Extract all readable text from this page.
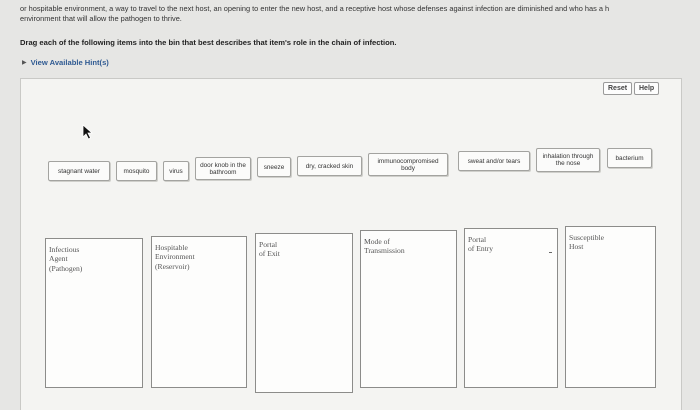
or hospitable environment, a way to travel to the next host, an opening to enter the new host, and a receptive host whose defenses against infection are diminished and who has a h
environment that will allow the pathogen to thrive.
Drag each of the following items into the bin that best describes that item's role in the chain of infection.
▶ View Available Hint(s)
Reset	Help
stagnant water	mosquito	virus
door knob in the bathroom
sneeze	dry, cracked skin
immunocompromised body
sweat and/or tears
inhalation through the nose
bacterium
Infectious
Agent
(Pathogen)
Hospitable
Environment
(Reservoir)
Portal
of Exit
Mode of
Transmission
Portal
of Entry
Susceptible
Host
